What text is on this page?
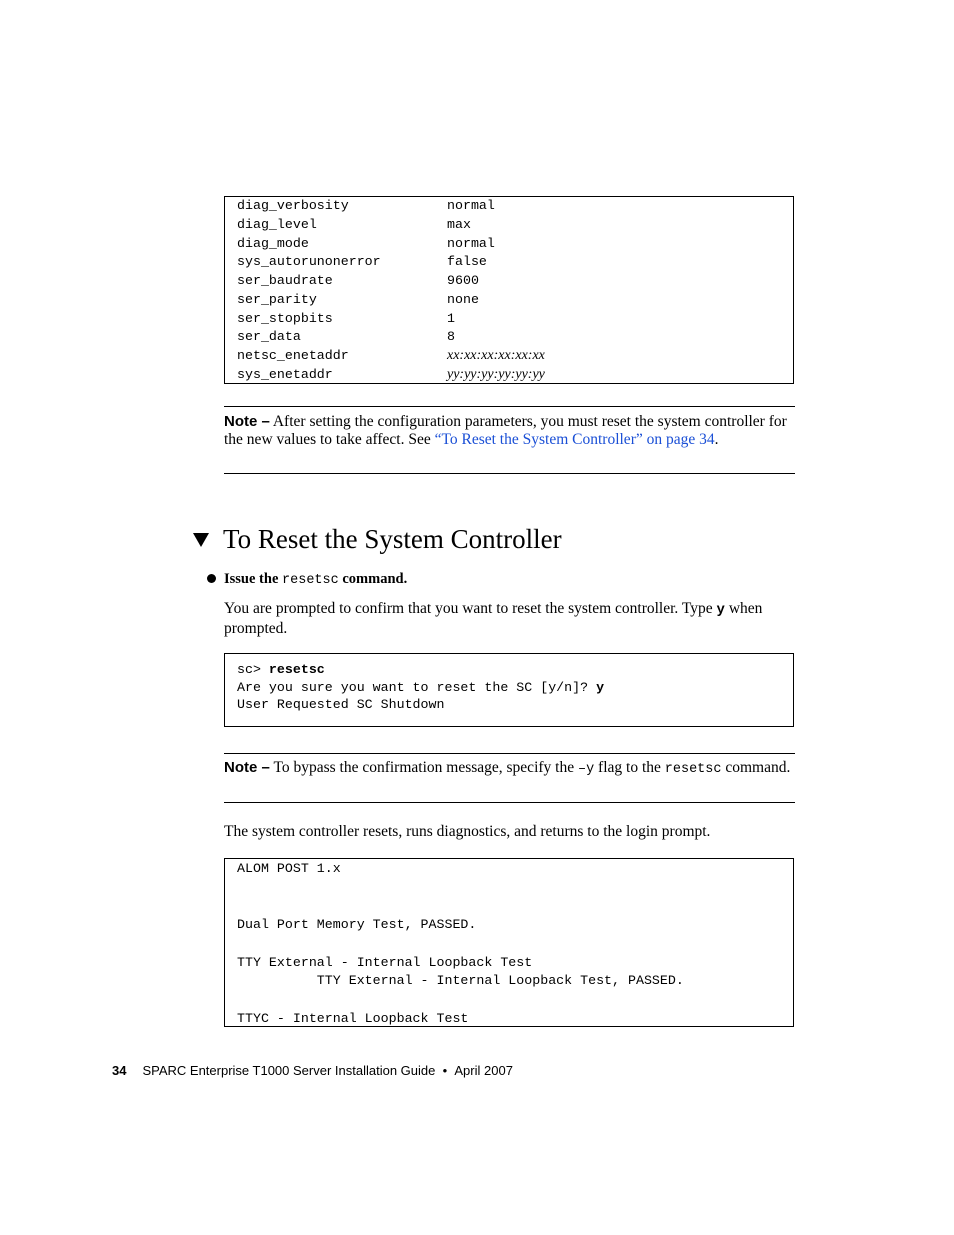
diag_verbosity	normal
diag_level	max
diag_mode	normal
sys_autorunonerror	false
ser_baudrate	9600
ser_parity	none
ser_stopbits	1
ser_data	8
netsc_enetaddr	xx:xx:xx:xx:xx:xx
sys_enetaddr	yy:yy:yy:yy:yy:yy
Note – After setting the configuration parameters, you must reset the system controller for the new values to take affect. See “To Reset the System Controller” on page 34.
To Reset the System Controller
Issue the resetsc command.
You are prompted to confirm that you want to reset the system controller. Type y when prompted.
sc> resetsc
Are you sure you want to reset the SC [y/n]? y
User Requested SC Shutdown
Note – To bypass the confirmation message, specify the –y flag to the resetsc command.
The system controller resets, runs diagnostics, and returns to the login prompt.
ALOM POST 1.x
Dual Port Memory Test, PASSED.
TTY External - Internal Loopback Test
TTY External - Internal Loopback Test, PASSED.
TTYC - Internal Loopback Test
34 SPARC Enterprise T1000 Server Installation Guide • April 2007
